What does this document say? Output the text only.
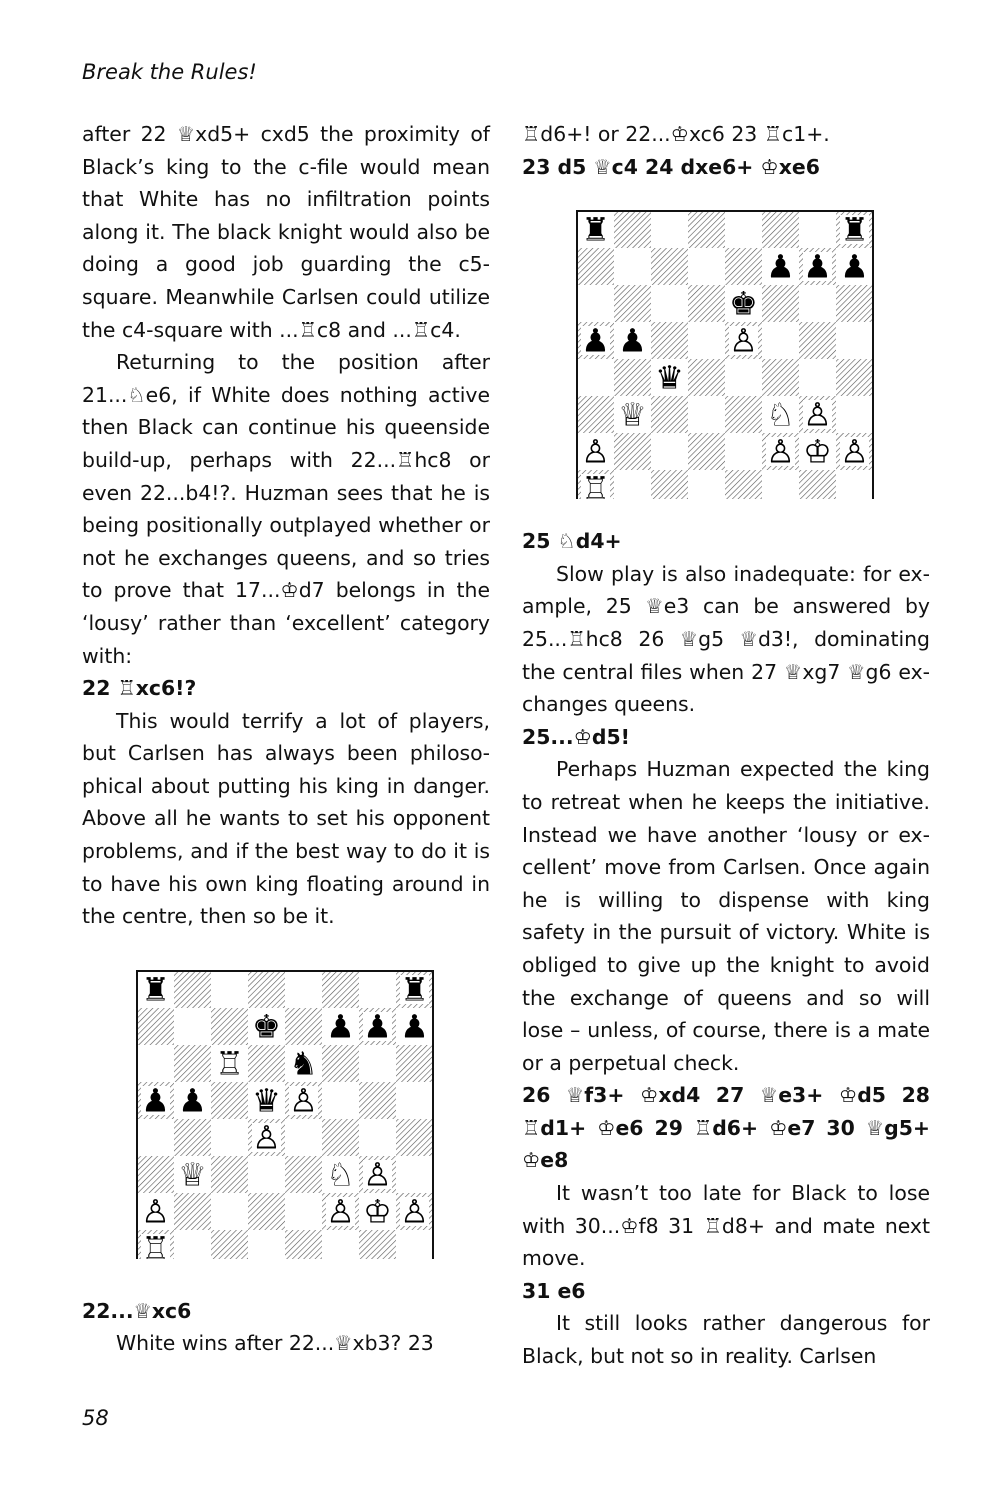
Break the Rules!

after 22 ♕xd5+ cxd5 the proximity of Black’s king to the c-file would mean that White has no infiltration points along it. The black knight would also be doing a good job guarding the c5-square. Meanwhile Carlsen could utilize the c4-square with ...♖c8 and ...♖c4.

Returning to the position after 21...♘e6, if White does nothing active then Black can continue his queenside build-up, perhaps with 22...♖hc8 or even 22...b4!?. Huzman sees that he is being positionally outplayed whether or not he exchanges queens, and so tries to prove that 17...♔d7 belongs in the ‘lousy’ rather than ‘excellent’ category with:

22 ♖xc6!?

This would terrify a lot of players, but Carlsen has always been philosophical about putting his king in danger. Above all he wants to set his opponent problems, and if the best way to do it is to have his own king floating around in the centre, then so be it.

♜	♜
♚ ♟ ♟ ♟
♖ ♞
♟ ♟ ♛ ♙
♙
♕	♘ ♙
♙	♙ ♔ ♙
♖

22...♕xc6

White wins after 22...♕xb3? 23

♖d6+! or 22...♔xc6 23 ♖c1+.

23 d5 ♕c4 24 dxe6+ ♔xe6

♜	♜
♟ ♟ ♟
♚
♟ ♟	♙
♛
♕	♘ ♙
♙	♙ ♔ ♙
♖

25 ♘d4+

Slow play is also inadequate: for example, 25 ♕e3 can be answered by 25...♖hc8 26 ♕g5 ♕d3!, dominating the central files when 27 ♕xg7 ♕g6 exchanges queens.

25...♔d5!

Perhaps Huzman expected the king to retreat when he keeps the initiative. Instead we have another ‘lousy or excellent’ move from Carlsen. Once again he is willing to dispense with king safety in the pursuit of victory. White is obliged to give up the knight to avoid the exchange of queens and so will lose – unless, of course, there is a mate or a perpetual check.

26 ♕f3+ ♔xd4 27 ♕e3+ ♔d5 28 ♖d1+ ♔e6 29 ♖d6+ ♔e7 30 ♕g5+ ♔e8

It wasn’t too late for Black to lose with 30...♔f8 31 ♖d8+ and mate next move.

31 e6

It still looks rather dangerous for Black, but not so in reality. Carlsen

58
